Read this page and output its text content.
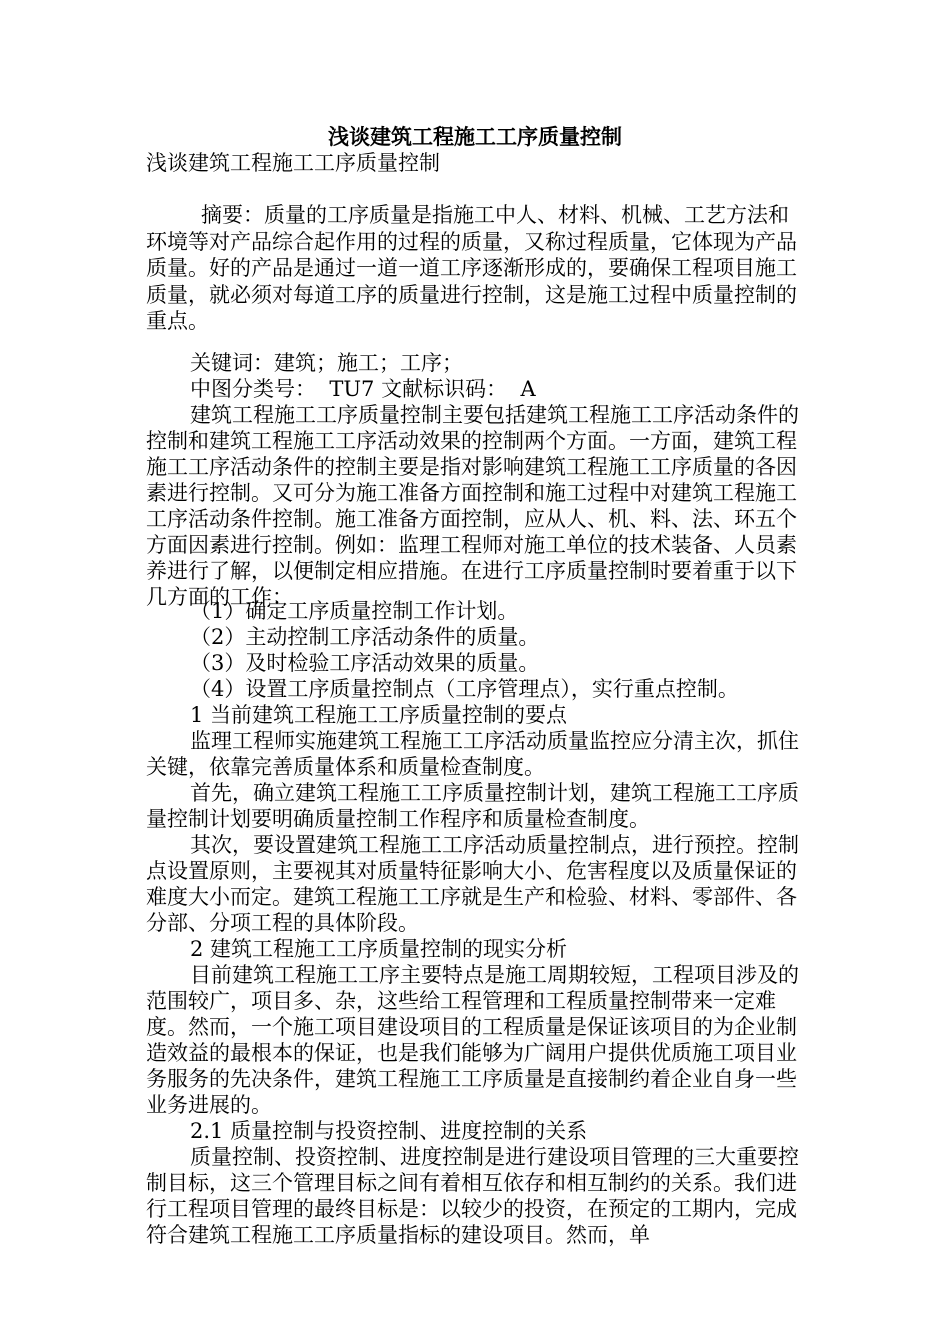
浅谈建筑工程施工工序质量控制

浅谈建筑工程施工工序质量控制

摘要：质量的工序质量是指施工中人、材料、机械、工艺方法和环境等对产品综合起作用的过程的质量，又称过程质量，它体现为产品质量。好的产品是通过一道一道工序逐渐形成的，要确保工程项目施工质量，就必须对每道工序的质量进行控制，这是施工过程中质量控制的重点。

关键词：建筑；施工；工序；

中图分类号：  TU7 文献标识码：  A

建筑工程施工工序质量控制主要包括建筑工程施工工序活动条件的控制和建筑工程施工工序活动效果的控制两个方面。一方面，建筑工程施工工序活动条件的控制主要是指对影响建筑工程施工工序质量的各因素进行控制。又可分为施工准备方面控制和施工过程中对建筑工程施工工序活动条件控制。施工准备方面控制，应从人、机、料、法、环五个方面因素进行控制。例如：监理工程师对施工单位的技术装备、人员素养进行了解，以便制定相应措施。在进行工序质量控制时要着重于以下几方面的工作：

（1）确定工序质量控制工作计划。

（2）主动控制工序活动条件的质量。

（3）及时检验工序活动效果的质量。

（4）设置工序质量控制点（工序管理点），实行重点控制。

1 当前建筑工程施工工序质量控制的要点

监理工程师实施建筑工程施工工序活动质量监控应分清主次，抓住关键，依靠完善质量体系和质量检查制度。

首先，确立建筑工程施工工序质量控制计划，建筑工程施工工序质量控制计划要明确质量控制工作程序和质量检查制度。

其次，要设置建筑工程施工工序活动质量控制点，进行预控。控制点设置原则，主要视其对质量特征影响大小、危害程度以及质量保证的难度大小而定。建筑工程施工工序就是生产和检验、材料、零部件、各分部、分项工程的具体阶段。

2 建筑工程施工工序质量控制的现实分析

目前建筑工程施工工序主要特点是施工周期较短，工程项目涉及的范围较广，项目多、杂，这些给工程管理和工程质量控制带来一定难度。然而，一个施工项目建设项目的工程质量是保证该项目的为企业制造效益的最根本的保证，也是我们能够为广阔用户提供优质施工项目业务服务的先决条件，建筑工程施工工序质量是直接制约着企业自身一些业务进展的。

2.1 质量控制与投资控制、进度控制的关系

质量控制、投资控制、进度控制是进行建设项目管理的三大重要控制目标，这三个管理目标之间有着相互依存和相互制约的关系。我们进行工程项目管理的最终目标是：以较少的投资，在预定的工期内，完成符合建筑工程施工工序质量指标的建设项目。然而，单
